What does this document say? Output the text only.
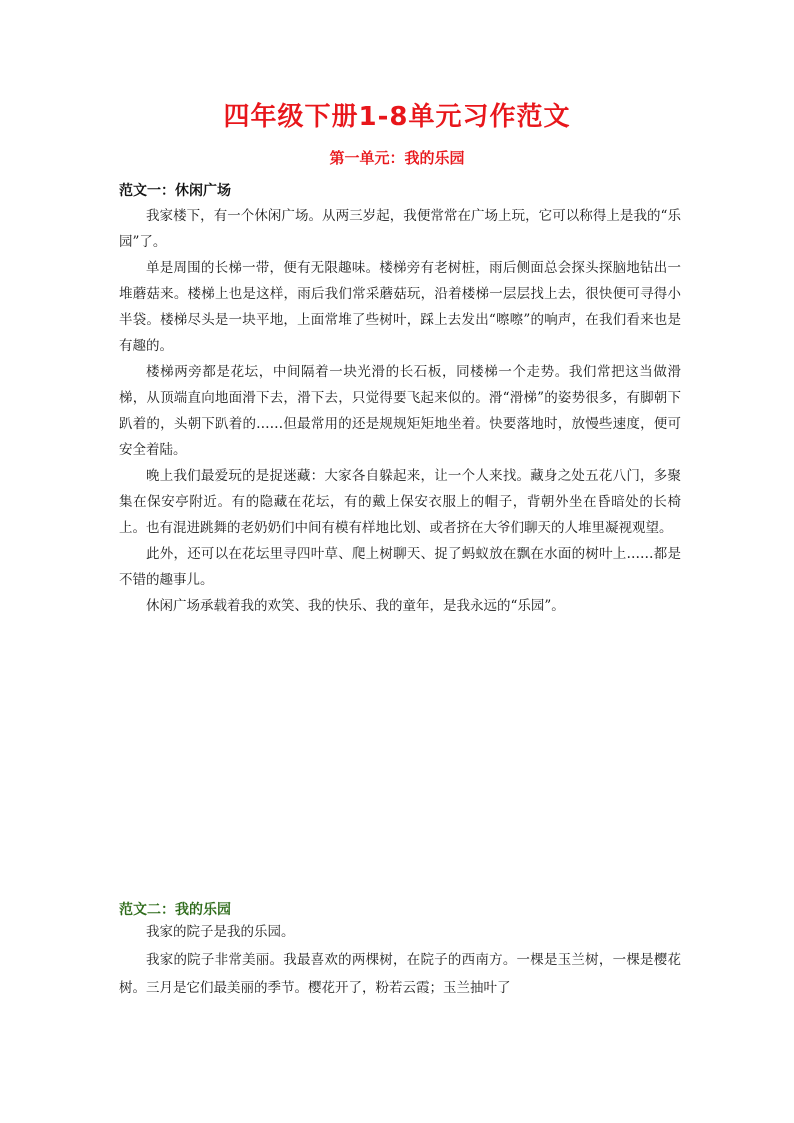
四年级下册1-8单元习作范文
第一单元：我的乐园
范文一：休闲广场

我家楼下，有一个休闲广场。从两三岁起，我便常常在广场上玩，它可以称得上是我的“乐园”了。

单是周围的长梯一带，便有无限趣味。楼梯旁有老树桩，雨后侧面总会探头探脑地钻出一堆蘑菇来。楼梯上也是这样，雨后我们常采蘑菇玩，沿着楼梯一层层找上去，很快便可寻得小半袋。楼梯尽头是一块平地，上面常堆了些树叶，踩上去发出“嚓嚓”的响声，在我们看来也是有趣的。

楼梯两旁都是花坛，中间隔着一块光滑的长石板，同楼梯一个走势。我们常把这当做滑梯，从顶端直向地面滑下去，滑下去，只觉得要飞起来似的。滑“滑梯”的姿势很多，有脚朝下趴着的，头朝下趴着的……但最常用的还是规规矩矩地坐着。快要落地时，放慢些速度，便可安全着陆。

晚上我们最爱玩的是捉迷藏：大家各自躲起来，让一个人来找。藏身之处五花八门，多聚集在保安亭附近。有的隐藏在花坛，有的戴上保安衣服上的帽子，背朝外坐在昏暗处的长椅上。也有混进跳舞的老奶奶们中间有模有样地比划、或者挤在大爷们聊天的人堆里凝视观望。

此外，还可以在花坛里寻四叶草、爬上树聊天、捉了蚂蚁放在飘在水面的树叶上……都是不错的趣事儿。

休闲广场承载着我的欢笑、我的快乐、我的童年，是我永远的“乐园”。

范文二：我的乐园

我家的院子是我的乐园。

我家的院子非常美丽。我最喜欢的两棵树，在院子的西南方。一棵是玉兰树，一棵是樱花树。三月是它们最美丽的季节。樱花开了，粉若云霞；玉兰抽叶了
